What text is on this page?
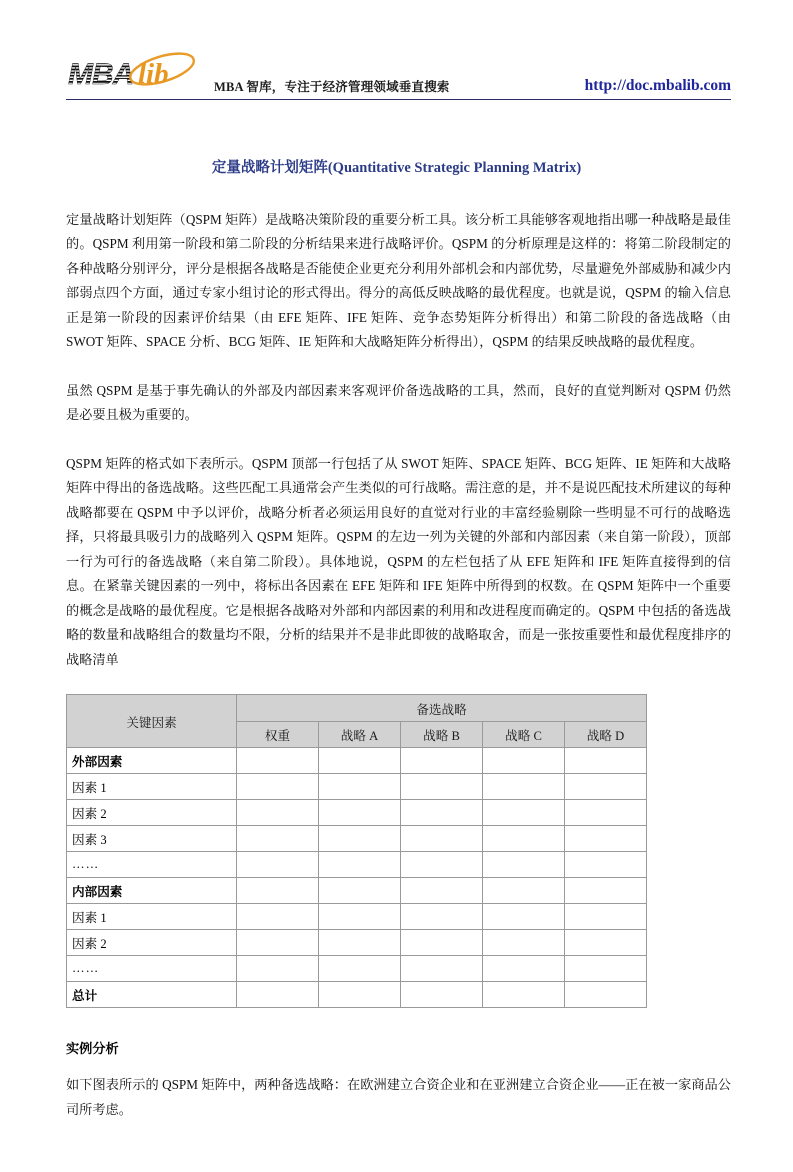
MBA lib	MBA 智库，专注于经济管理领域垂直搜索	http://doc.mbalib.com
定量战略计划矩阵(Quantitative Strategic Planning Matrix)

定量战略计划矩阵（QSPM 矩阵）是战略决策阶段的重要分析工具。该分析工具能够客观地指出哪一种战略是最佳的。QSPM 利用第一阶段和第二阶段的分析结果来进行战略评价。QSPM 的分析原理是这样的：将第二阶段制定的各种战略分别评分，评分是根据各战略是否能使企业更充分利用外部机会和内部优势，尽量避免外部威胁和减少内部弱点四个方面，通过专家小组讨论的形式得出。得分的高低反映战略的最优程度。也就是说，QSPM 的输入信息正是第一阶段的因素评价结果（由 EFE 矩阵、IFE 矩阵、竞争态势矩阵分析得出）和第二阶段的备选战略（由 SWOT 矩阵、SPACE 分析、BCG 矩阵、IE 矩阵和大战略矩阵分析得出），QSPM 的结果反映战略的最优程度。

虽然 QSPM 是基于事先确认的外部及内部因素来客观评价备选战略的工具，然而，良好的直觉判断对 QSPM 仍然是必要且极为重要的。

QSPM 矩阵的格式如下表所示。QSPM 顶部一行包括了从 SWOT 矩阵、SPACE 矩阵、BCG 矩阵、IE 矩阵和大战略矩阵中得出的备选战略。这些匹配工具通常会产生类似的可行战略。需注意的是，并不是说匹配技术所建议的每种战略都要在 QSPM 中予以评价，战略分析者必须运用良好的直觉对行业的丰富经验剔除一些明显不可行的战略选择，只将最具吸引力的战略列入 QSPM 矩阵。QSPM 的左边一列为关键的外部和内部因素（来自第一阶段），顶部一行为可行的备选战略（来自第二阶段）。具体地说，QSPM 的左栏包括了从 EFE 矩阵和 IFE 矩阵直接得到的信息。在紧靠关键因素的一列中，将标出各因素在 EFE 矩阵和 IFE 矩阵中所得到的权数。在 QSPM 矩阵中一个重要的概念是战略的最优程度。它是根据各战略对外部和内部因素的利用和改进程度而确定的。QSPM 中包括的备选战略的数量和战略组合的数量均不限，分析的结果并不是非此即彼的战略取舍，而是一张按重要性和最优程度排序的战略清单

关键因素	备选战略				
	权重	战略 A	战略 B	战略 C	战略 D
外部因素					
因素 1					
因素 2					
因素 3					
……					
内部因素					
因素 1					
因素 2					
……					
总计					
实例分析

如下图表所示的 QSPM 矩阵中，两种备选战略：在欧洲建立合资企业和在亚洲建立合资企业——正在被一家商品公司所考虑。
